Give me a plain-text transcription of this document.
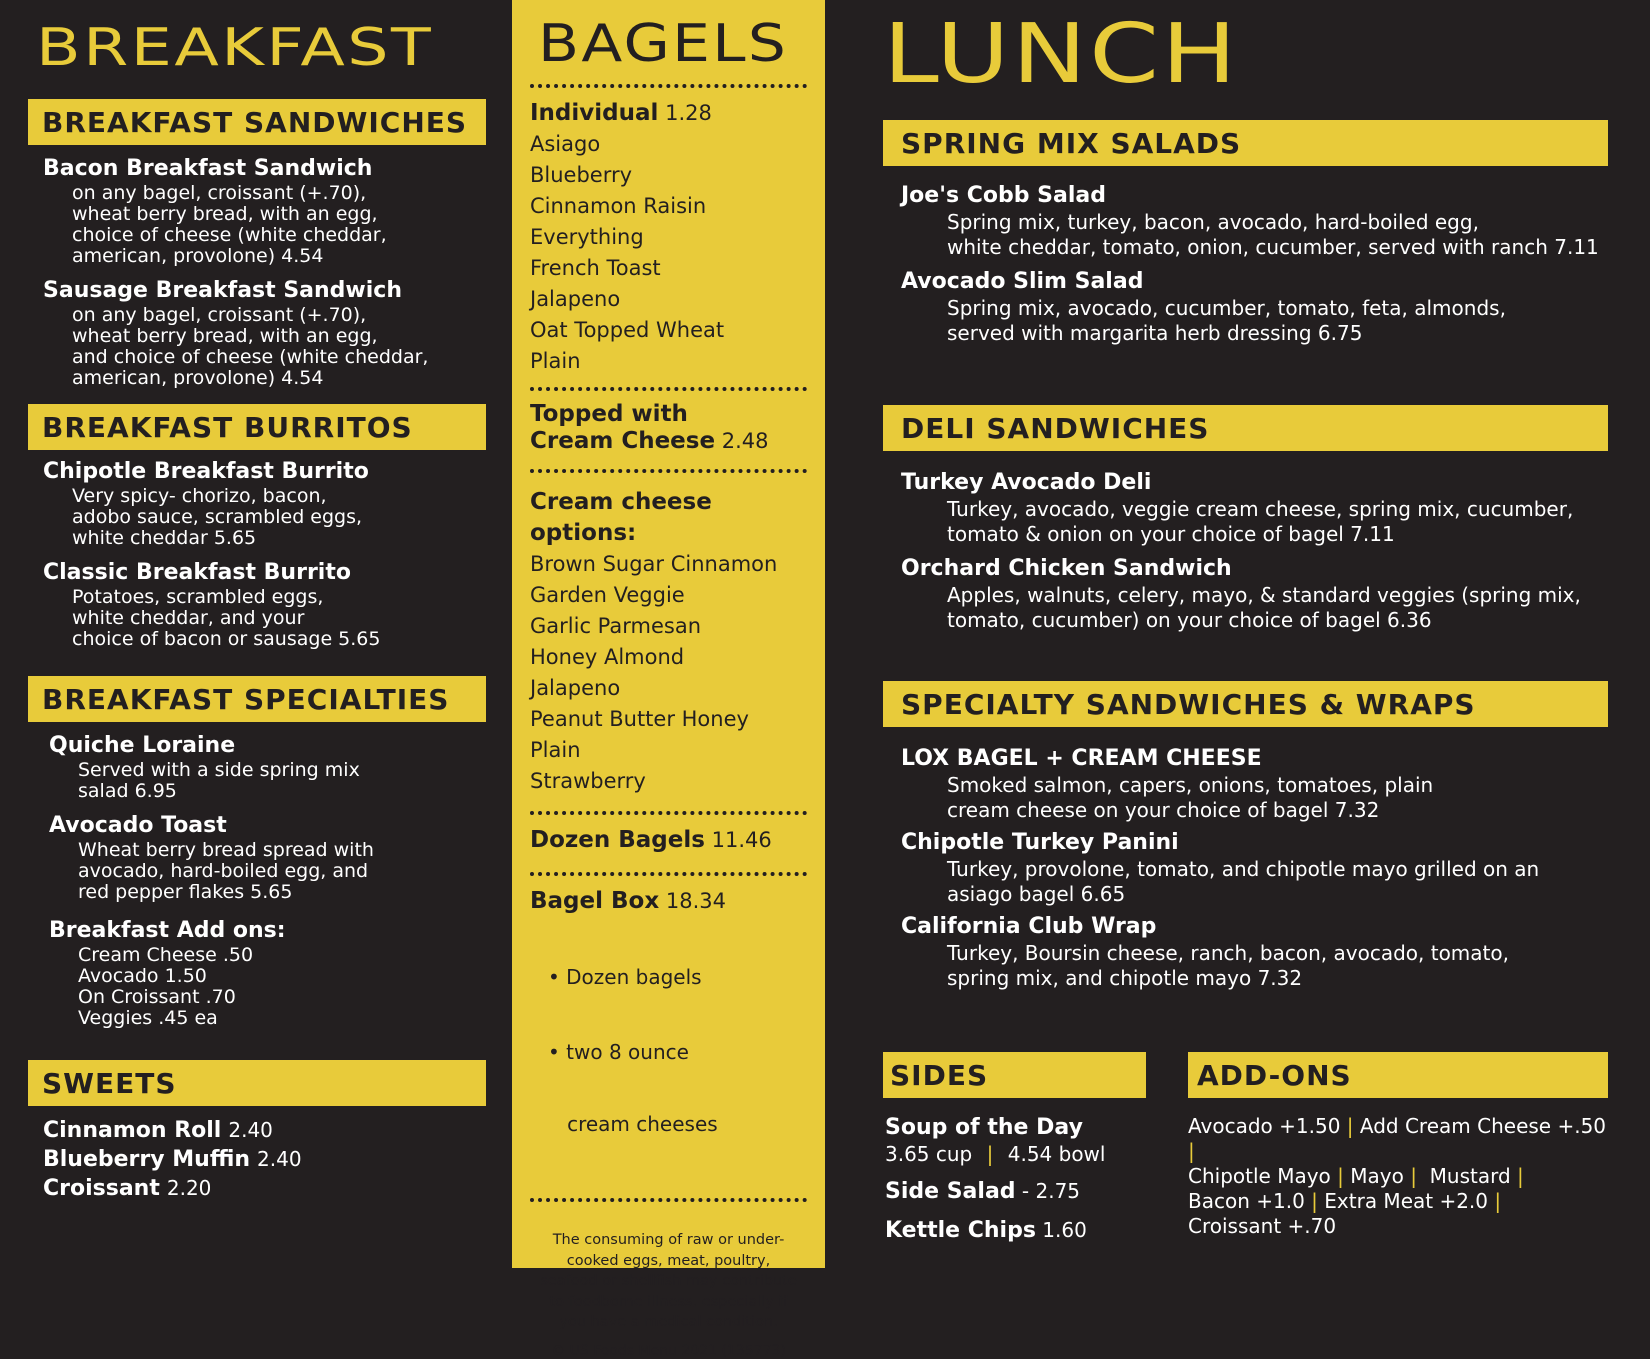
BREAKFAST
BREAKFAST SANDWICHES

Bacon Breakfast Sandwich

on any bagel, croissant (+.70),
wheat berry bread, with an egg,
choice of cheese (white cheddar,
american, provolone) 4.54

Sausage Breakfast Sandwich

on any bagel, croissant (+.70),
wheat berry bread, with an egg,
and choice of cheese (white cheddar,
american, provolone) 4.54

BREAKFAST BURRITOS

Chipotle Breakfast Burrito

Very spicy- chorizo, bacon,
adobo sauce, scrambled eggs,
white cheddar 5.65

Classic Breakfast Burrito

Potatoes, scrambled eggs,
white cheddar, and your
choice of bacon or sausage 5.65

BREAKFAST SPECIALTIES

Quiche Loraine

Served with a side spring mix
salad 6.95

Avocado Toast

Wheat berry bread spread with
avocado, hard-boiled egg, and
red pepper flakes 5.65

Breakfast Add ons:

Cream Cheese .50
Avocado 1.50
On Croissant .70
Veggies .45 ea

SWEETS
Cinnamon Roll 2.40
Blueberry Muffin 2.40
Croissant 2.20
BAGELS

Individual 1.28

Asiago

Blueberry

Cinnamon Raisin

Everything

French Toast

Jalapeno

Oat Topped Wheat

Plain

Topped with

Cream Cheese 2.48

Cream cheese options:

Brown Sugar Cinnamon

Garden Veggie

Garlic Parmesan

Honey Almond

Jalapeno

Peanut Butter Honey

Plain

Strawberry

Dozen Bagels 11.46

Bagel Box 18.34

• Dozen bagels

• two 8 ounce

cream cheeses

The consuming of raw or under-

cooked eggs, meat, poultry,

seafood or shellfish may contribute

to foodborne illness, especially if

you have a medical condition.

© US Foods Menu 2021 (135773)
LUNCH
SPRING MIX SALADS

Joe's Cobb Salad

Spring mix, turkey, bacon, avocado, hard-boiled egg,
white cheddar, tomato, onion, cucumber, served with ranch 7.11

Avocado Slim Salad

Spring mix, avocado, cucumber, tomato, feta, almonds,
served with margarita herb dressing 6.75

DELI SANDWICHES

Turkey Avocado Deli

Turkey, avocado, veggie cream cheese, spring mix, cucumber,
tomato & onion on your choice of bagel 7.11

Orchard Chicken Sandwich

Apples, walnuts, celery, mayo, & standard veggies (spring mix,
tomato, cucumber) on your choice of bagel 6.36

SPECIALTY SANDWICHES & WRAPS

LOX BAGEL + CREAM CHEESE

Smoked salmon, capers, onions, tomatoes, plain
cream cheese on your choice of bagel 7.32

Chipotle Turkey Panini

Turkey, provolone, tomato, and chipotle mayo grilled on an
asiago bagel 6.65

California Club Wrap

Turkey, Boursin cheese, ranch, bacon, avocado, tomato,
spring mix, and chipotle mayo 7.32

SIDES

Soup of the Day

3.65 cup | 4.54 bowl
Side Salad - 2.75
Kettle Chips 1.60
ADD-ONS
Avocado +1.50 | Add Cream Cheese +.50 |
Chipotle Mayo | Mayo | Mustard |
Bacon +1.0 | Extra Meat +2.0 |
Croissant +.70
